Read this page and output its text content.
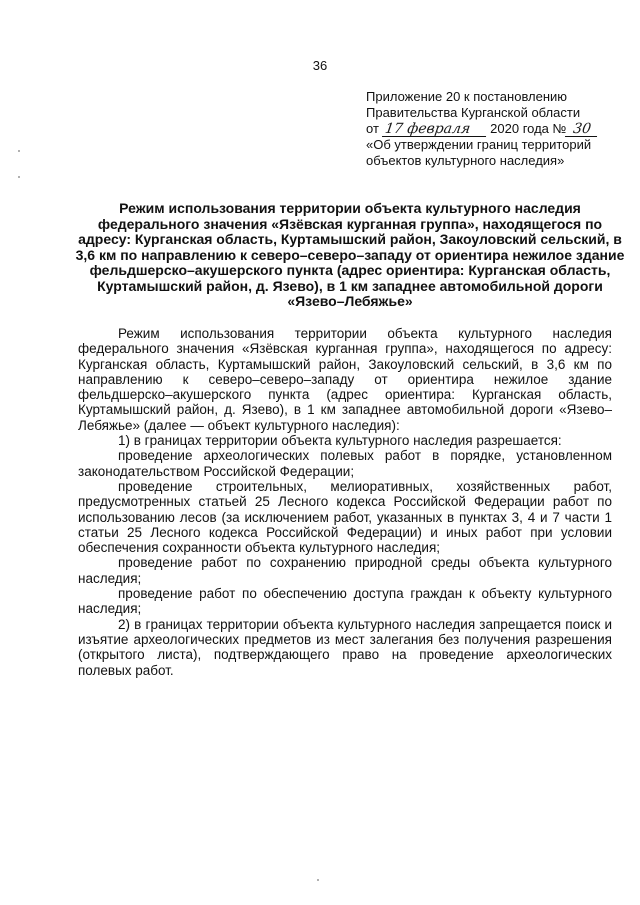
36
Приложение 20 к постановлению
Правительства Курганской области
от 17 февраля 2020 года № 30
«Об утверждении границ территорий
объектов культурного наследия»
Режим использования территории объекта культурного наследия федерального значения «Язёвская курганная группа», находящегося по адресу: Курганская область, Куртамышский район, Закоуловский сельский, в 3,6 км по направлению к северо–северо–западу от ориентира нежилое здание фельдшерско–акушерского пункта (адрес ориентира: Курганская область, Куртамышский район, д. Язево), в 1 км западнее автомобильной дороги «Язево–Лебяжье»

Режим использования территории объекта культурного наследия федерального значения «Язёвская курганная группа», находящегося по адресу: Курганская область, Куртамышский район, Закоуловский сельский, в 3,6 км по направлению к северо–северо–западу от ориентира нежилое здание фельдшерско–акушерского пункта (адрес ориентира: Курганская область, Куртамышский район, д. Язево), в 1 км западнее автомобильной дороги «Язево–Лебяжье» (далее — объект культурного наследия):

1) в границах территории объекта культурного наследия разрешается:

проведение археологических полевых работ в порядке, установленном законодательством Российской Федерации;

проведение строительных, мелиоративных, хозяйственных работ, предусмотренных статьей 25 Лесного кодекса Российской Федерации работ по использованию лесов (за исключением работ, указанных в пунктах 3, 4 и 7 части 1 статьи 25 Лесного кодекса Российской Федерации) и иных работ при условии обеспечения сохранности объекта культурного наследия;

проведение работ по сохранению природной среды объекта культурного наследия;

проведение работ по обеспечению доступа граждан к объекту культурного наследия;

2) в границах территории объекта культурного наследия запрещается поиск и изъятие археологических предметов из мест залегания без получения разрешения (открытого листа), подтверждающего право на проведение археологических полевых работ.
